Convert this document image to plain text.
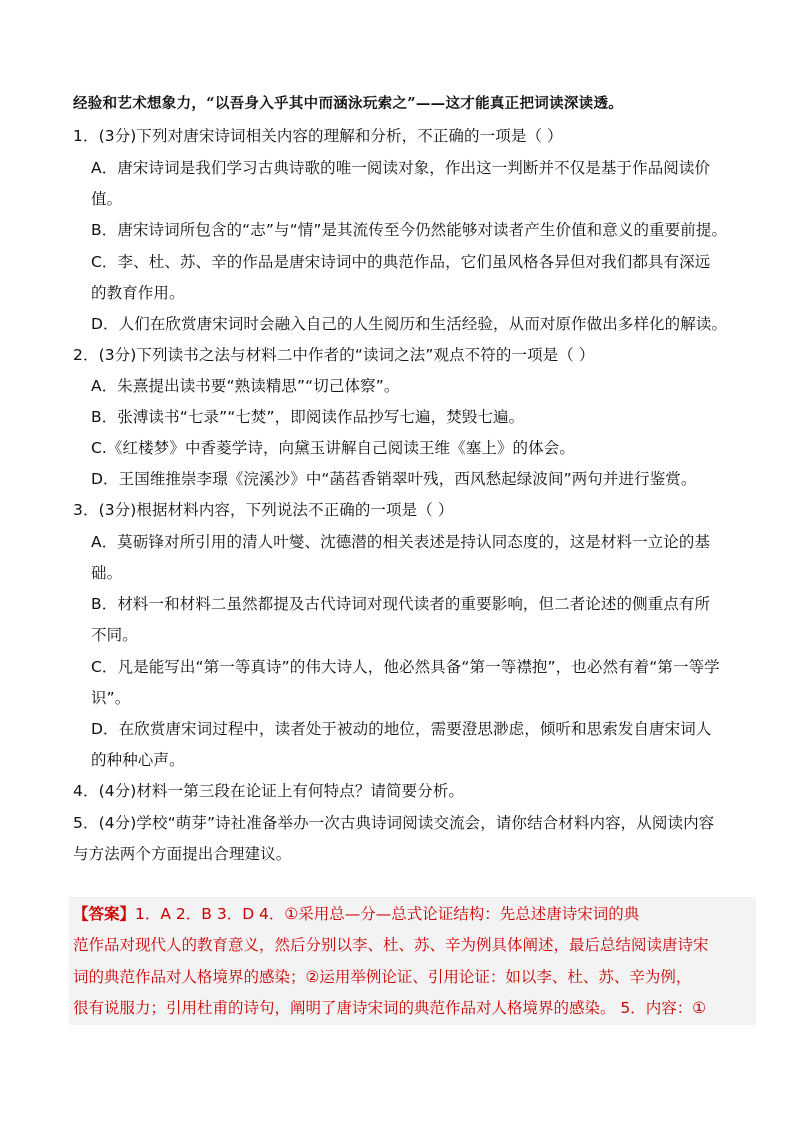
经验和艺术想象力，“以吾身入乎其中而涵泳玩索之”——这才能真正把词读深读透。
1．(3分)下列对唐宋诗词相关内容的理解和分析，不正确的一项是（ ）
A．唐宋诗词是我们学习古典诗歌的唯一阅读对象，作出这一判断并不仅是基于作品阅读价
值。
B．唐宋诗词所包含的“志”与“情”是其流传至今仍然能够对读者产生价值和意义的重要前提。
C．李、杜、苏、辛的作品是唐宋诗词中的典范作品，它们虽风格各异但对我们都具有深远
的教育作用。
D．人们在欣赏唐宋词时会融入自己的人生阅历和生活经验，从而对原作做出多样化的解读。
2．(3分)下列读书之法与材料二中作者的“读词之法”观点不符的一项是（ ）
A．朱熹提出读书要“熟读精思”“切己体察”。
B．张溥读书“七录”“七焚”，即阅读作品抄写七遍，焚毁七遍。
C.《红楼梦》中香菱学诗，向黛玉讲解自己阅读王维《塞上》的体会。
D．王国维推崇李璟《浣溪沙》中“菡萏香销翠叶残，西风愁起绿波间”两句并进行鉴赏。
3．(3分)根据材料内容，下列说法不正确的一项是（ ）
A．莫砺锋对所引用的清人叶燮、沈德潜的相关表述是持认同态度的，这是材料一立论的基
础。
B．材料一和材料二虽然都提及古代诗词对现代读者的重要影响，但二者论述的侧重点有所
不同。
C．凡是能写出“第一等真诗”的伟大诗人，他必然具备“第一等襟抱”，也必然有着“第一等学
识”。
D．在欣赏唐宋词过程中，读者处于被动的地位，需要澄思渺虑，倾听和思索发自唐宋词人
的种种心声。
4．(4分)材料一第三段在论证上有何特点？请简要分析。
5．(4分)学校“萌芽”诗社准备举办一次古典诗词阅读交流会，请你结合材料内容，从阅读内容
与方法两个方面提出合理建议。
【答案】1．A 2．B 3．D 4．①采用总—分—总式论证结构：先总述唐诗宋词的典
范作品对现代人的教育意义，然后分别以李、杜、苏、辛为例具体阐述，最后总结阅读唐诗宋
词的典范作品对人格境界的感染；②运用举例论证、引用论证：如以李、杜、苏、辛为例，
很有说服力；引用杜甫的诗句，阐明了唐诗宋词的典范作品对人格境界的感染。 5．内容：①
